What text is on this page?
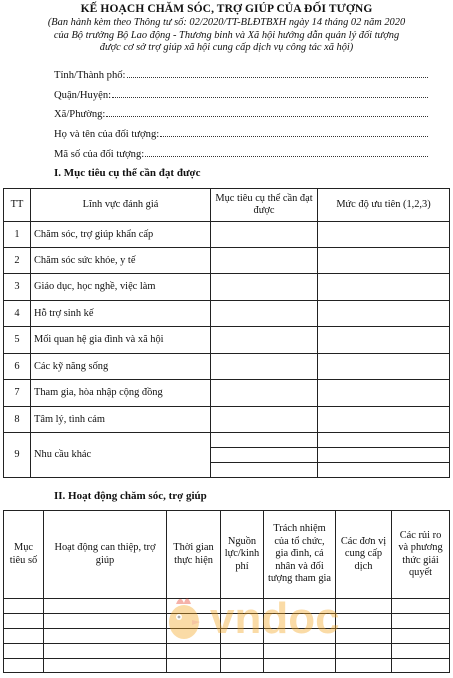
KẾ HOẠCH CHĂM SÓC, TRỢ GIÚP CỦA ĐỐI TƯỢNG
(Ban hành kèm theo Thông tư số: 02/2020/TT-BLĐTBXH ngày 14 tháng 02 năm 2020
của Bộ trưởng Bộ Lao động - Thương binh và Xã hội hướng dẫn quản lý đối tượng
được cơ sở trợ giúp xã hội cung cấp dịch vụ công tác xã hội)
Tỉnh/Thành phố:
Quận/Huyện:
Xã/Phường:
Họ và tên của đối tượng:
Mã số của đối tượng:
I. Mục tiêu cụ thể cần đạt được
TT	Lĩnh vực đánh giá	Mục tiêu cụ thể cần đạt được	Mức độ ưu tiên (1,2,3)
1	Chăm sóc, trợ giúp khẩn cấp		
2	Chăm sóc sức khỏe, y tế		
3	Giáo dục, học nghề, việc làm		
4	Hỗ trợ sinh kế		
5	Mối quan hệ gia đình và xã hội		
6	Các kỹ năng sống		
7	Tham gia, hòa nhập cộng đồng		
8	Tâm lý, tình cảm		
9	Nhu cầu khác		

II. Hoạt động chăm sóc, trợ giúp
Mục tiêu số	Hoạt động can thiệp, trợ giúp	Thời gian thực hiện	Nguồn lực/kinh phí	Trách nhiệm của tổ chức, gia đình, cá nhân và đối tượng tham gia	Các đơn vị cung cấp dịch	Các rủi ro và phương thức giải quyết

vndoc
